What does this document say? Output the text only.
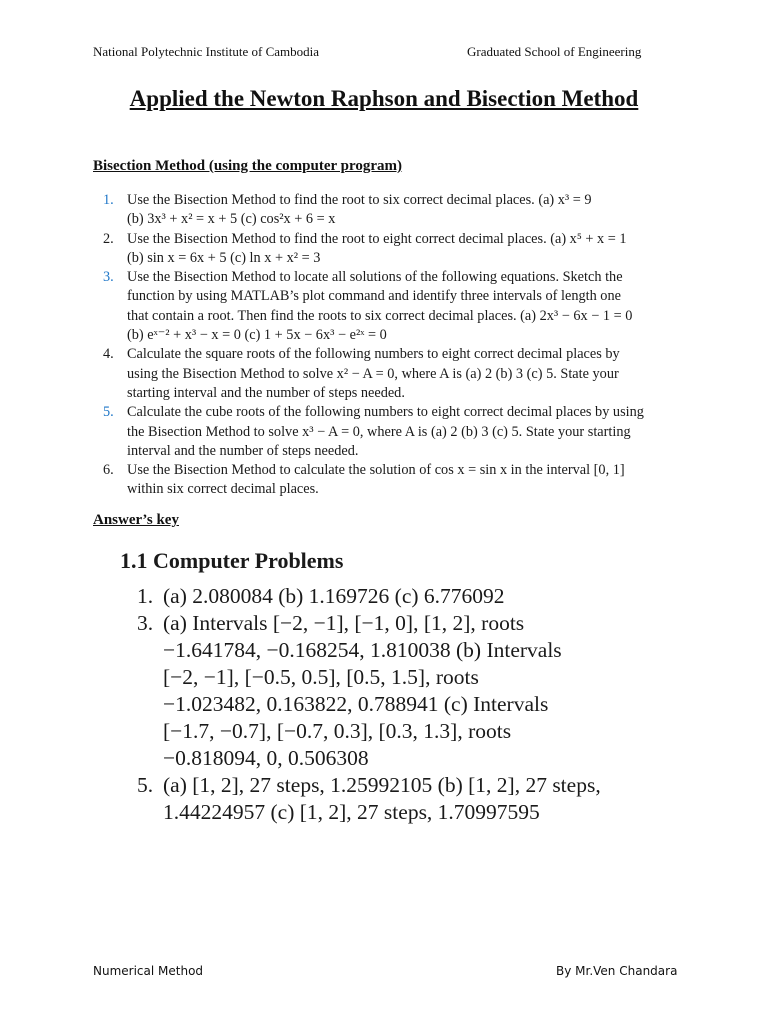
National Polytechnic Institute of Cambodia	Graduated School of Engineering
Applied the Newton Raphson and Bisection Method
Bisection Method (using the computer program)
1. Use the Bisection Method to find the root to six correct decimal places. (a) x³ = 9
(b) 3x³ + x² = x + 5 (c) cos²x + 6 = x
2. Use the Bisection Method to find the root to eight correct decimal places. (a) x⁵ + x = 1
(b) sin x = 6x + 5 (c) ln x + x² = 3
3. Use the Bisection Method to locate all solutions of the following equations. Sketch the
function by using MATLAB’s plot command and identify three intervals of length one
that contain a root. Then find the roots to six correct decimal places. (a) 2x³ − 6x − 1 = 0
(b) eˣ⁻² + x³ − x = 0 (c) 1 + 5x − 6x³ − e²ˣ = 0
4. Calculate the square roots of the following numbers to eight correct decimal places by
using the Bisection Method to solve x² − A = 0, where A is (a) 2 (b) 3 (c) 5. State your
starting interval and the number of steps needed.
5. Calculate the cube roots of the following numbers to eight correct decimal places by using
the Bisection Method to solve x³ − A = 0, where A is (a) 2 (b) 3 (c) 5. State your starting
interval and the number of steps needed.
6. Use the Bisection Method to calculate the solution of cos x = sin x in the interval [0, 1]
within six correct decimal places.
Answer’s key
1.1 Computer Problems
1. (a) 2.080084 (b) 1.169726 (c) 6.776092
3. (a) Intervals [−2, −1], [−1, 0], [1, 2], roots
−1.641784, −0.168254, 1.810038 (b) Intervals
[−2, −1], [−0.5, 0.5], [0.5, 1.5], roots
−1.023482, 0.163822, 0.788941 (c) Intervals
[−1.7, −0.7], [−0.7, 0.3], [0.3, 1.3], roots
−0.818094, 0, 0.506308
5. (a) [1, 2], 27 steps, 1.25992105 (b) [1, 2], 27 steps,
1.44224957 (c) [1, 2], 27 steps, 1.70997595
Numerical Method	By Mr.Ven Chandara
